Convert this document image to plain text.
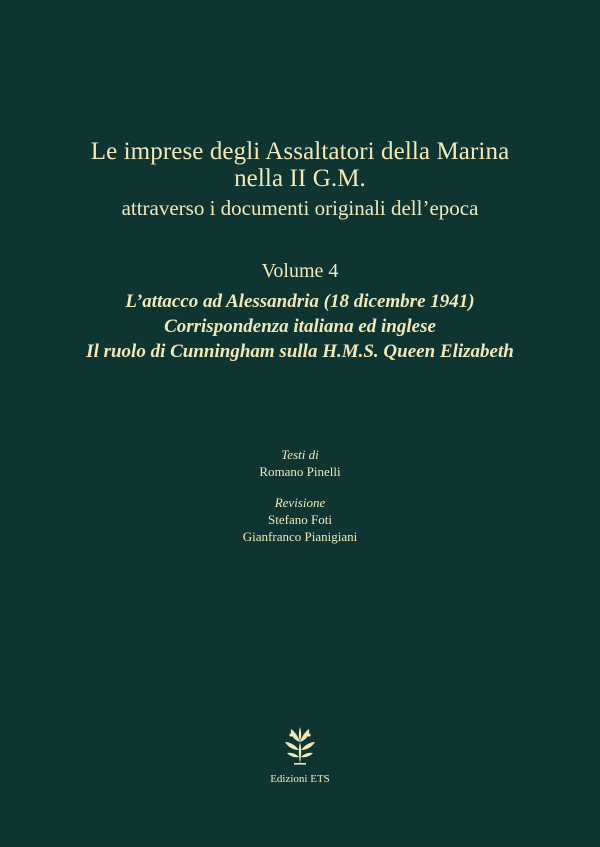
Le imprese degli Assaltatori della Marina
nella II G.M.
attraverso i documenti originali dell’epoca
Volume 4
L’attacco ad Alessandria (18 dicembre 1941)
Corrispondenza italiana ed inglese
Il ruolo di Cunningham sulla H.M.S. Queen Elizabeth
Testi di
Romano Pinelli
Revisione
Stefano Foti
Gianfranco Pianigiani
Edizioni ETS
